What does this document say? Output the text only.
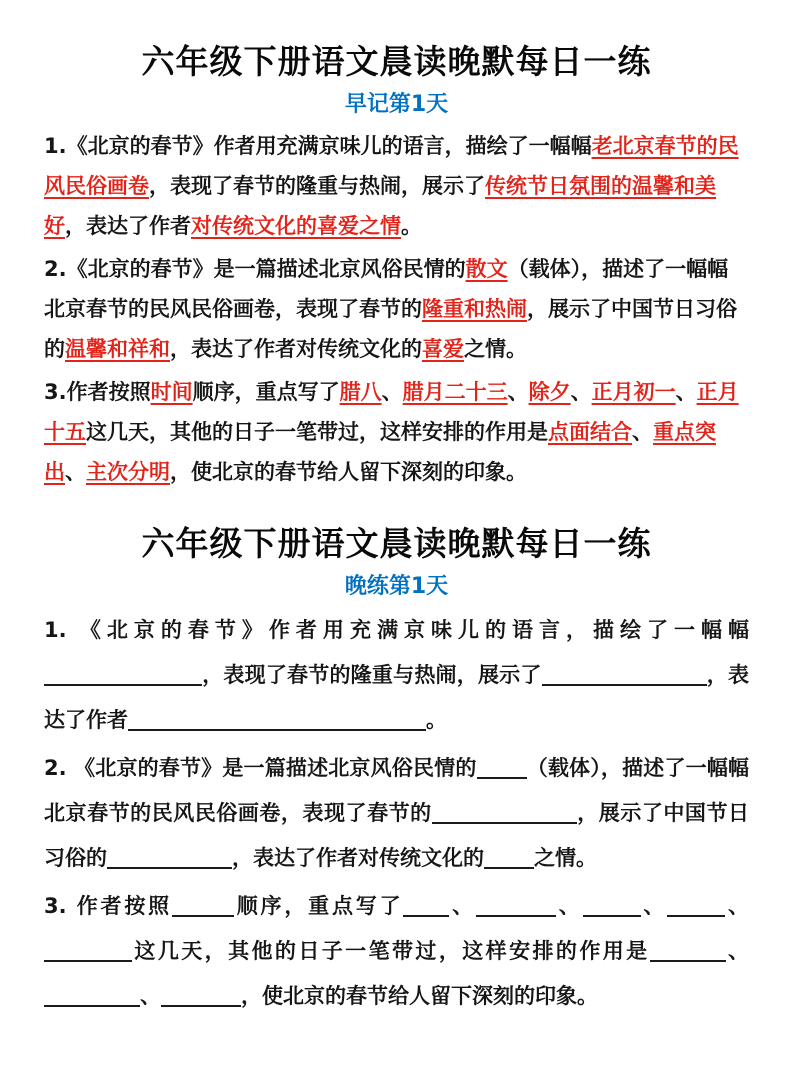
六年级下册语文晨读晚默每日一练
早记第1天

1.《北京的春节》作者用充满京味儿的语言，描绘了一幅幅老北京春节的民风民俗画卷，表现了春节的隆重与热闹，展示了传统节日氛围的温馨和美好，表达了作者对传统文化的喜爱之情。

2.《北京的春节》是一篇描述北京风俗民情的散文（载体），描述了一幅幅北京春节的民风民俗画卷，表现了春节的隆重和热闹，展示了中国节日习俗的温馨和祥和，表达了作者对传统文化的喜爱之情。

3.作者按照时间顺序，重点写了腊八、腊月二十三、除夕、正月初一、正月十五这几天，其他的日子一笔带过，这样安排的作用是点面结合、重点突出、主次分明，使北京的春节给人留下深刻的印象。

六年级下册语文晨读晚默每日一练
晚练第1天

1. 《北京的春节》作者用充满京味儿的语言，描绘了一幅幅，表现了春节的隆重与热闹，展示了	，表达了作者	。

2. 《北京的春节》是一篇描述北京风俗民情的 （载体），描述了一幅幅北京春节的民风民俗画卷，表现了春节的	，展示了中国节日习俗的	，表达了作者对传统文化的 之情。

3. 作者按照	顺序，重点写了 、	、	、	、这几天，其他的日子一笔带过，这样安排的作用是	、、	，使北京的春节给人留下深刻的印象。
